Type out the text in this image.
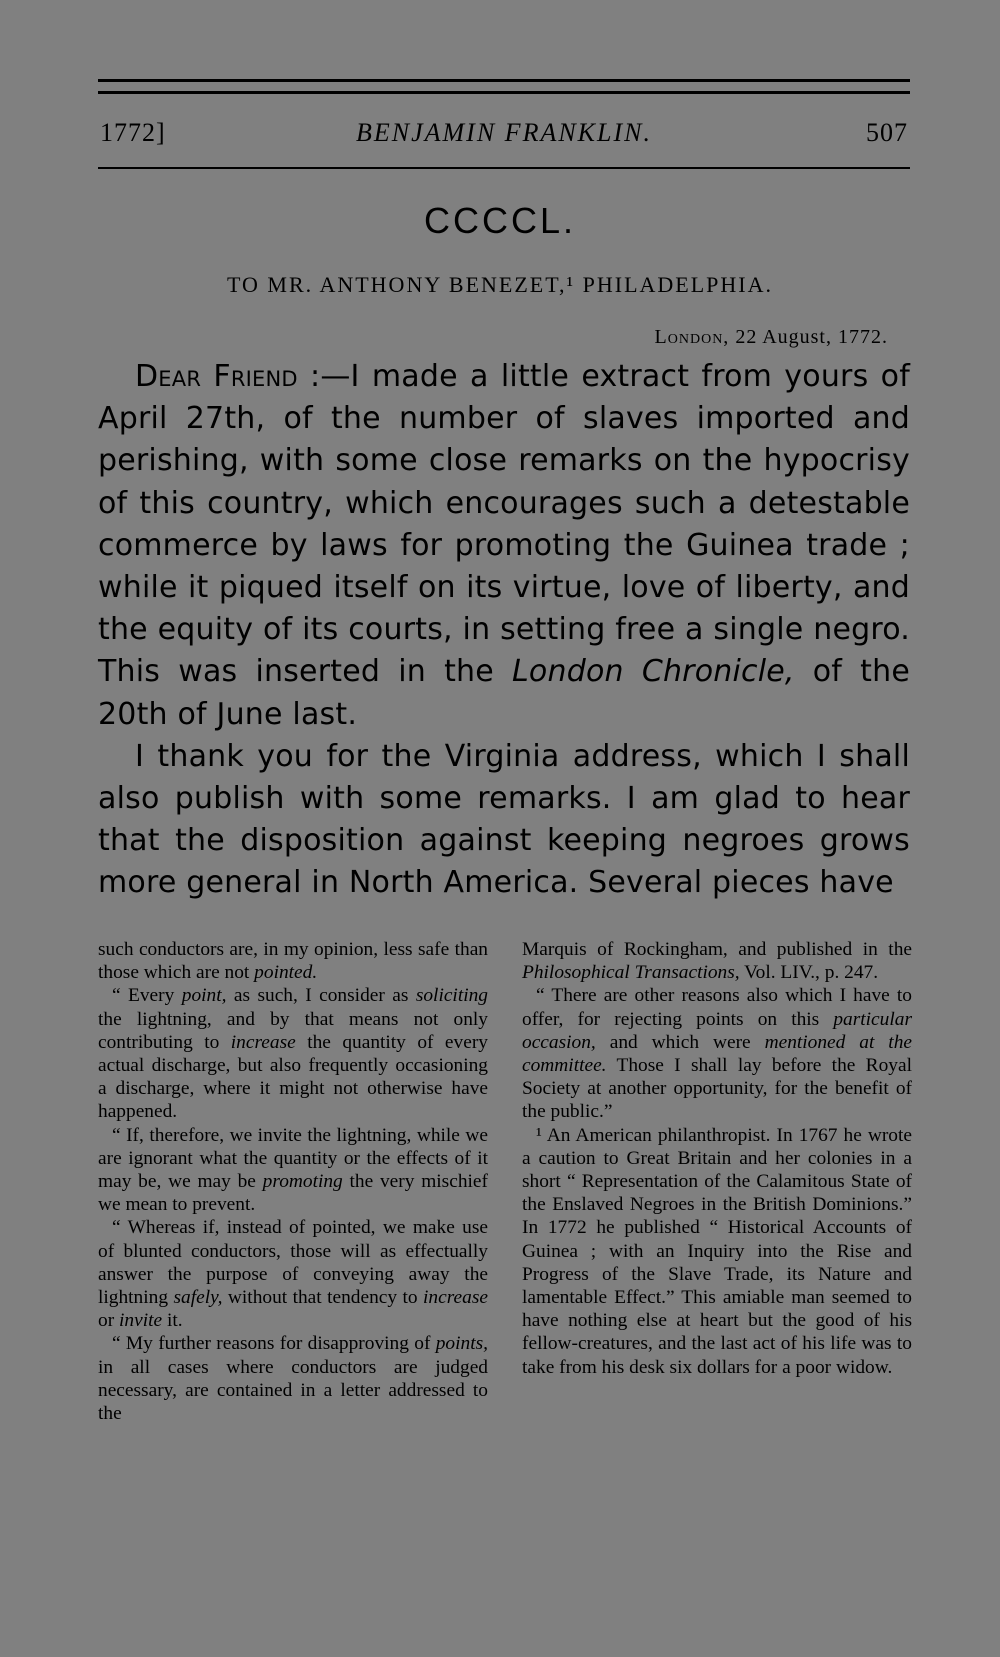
1772]	BENJAMIN FRANKLIN.	507
CCCCL.
TO MR. ANTHONY BENEZET,¹ PHILADELPHIA.
London, 22 August, 1772.

Dear Friend :—I made a little extract from yours of April 27th, of the number of slaves imported and perishing, with some close remarks on the hypocrisy of this country, which encourages such a detestable commerce by laws for promoting the Guinea trade ; while it piqued itself on its virtue, love of liberty, and the equity of its courts, in setting free a single negro. This was inserted in the London Chronicle, of the 20th of June last.

I thank you for the Virginia address, which I shall also publish with some remarks. I am glad to hear that the disposition against keeping negroes grows more general in North America. Several pieces have

such conductors are, in my opinion, less safe than those which are not pointed.

“ Every point, as such, I consider as soliciting the lightning, and by that means not only contributing to increase the quantity of every actual discharge, but also frequently occasioning a discharge, where it might not otherwise have happened.

“ If, therefore, we invite the lightning, while we are ignorant what the quantity or the effects of it may be, we may be promoting the very mischief we mean to prevent.

“ Whereas if, instead of pointed, we make use of blunted conductors, those will as effectually answer the purpose of conveying away the lightning safely, without that tendency to increase or invite it.

“ My further reasons for disapproving of points, in all cases where conductors are judged necessary, are contained in a letter addressed to the

Marquis of Rockingham, and published in the Philosophical Transactions, Vol. LIV., p. 247.

“ There are other reasons also which I have to offer, for rejecting points on this particular occasion, and which were mentioned at the committee. Those I shall lay before the Royal Society at another opportunity, for the benefit of the public.”

¹ An American philanthropist. In 1767 he wrote a caution to Great Britain and her colonies in a short “ Representation of the Calamitous State of the Enslaved Negroes in the British Dominions.” In 1772 he published “ Historical Accounts of Guinea ; with an Inquiry into the Rise and Progress of the Slave Trade, its Nature and lamentable Effect.” This amiable man seemed to have nothing else at heart but the good of his fellow-creatures, and the last act of his life was to take from his desk six dollars for a poor widow.
